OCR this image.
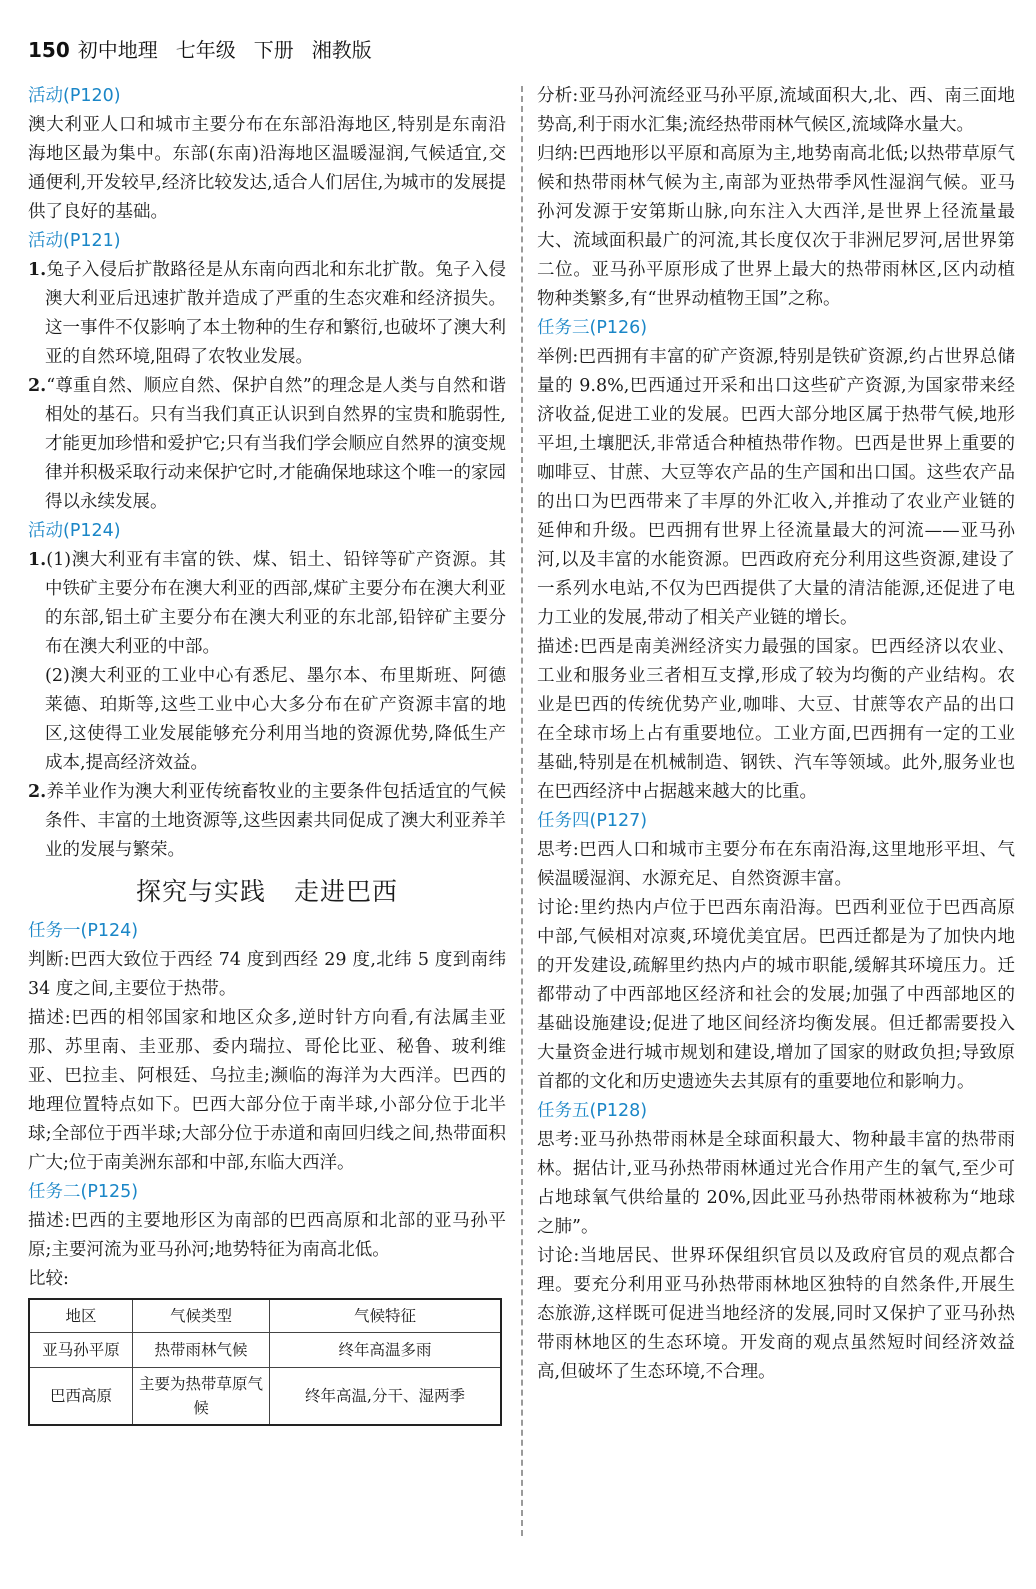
150 初中地理 七年级 下册 湘教版
活动(P120)

澳大利亚人口和城市主要分布在东部沿海地区,特别是东南沿海地区最为集中。东部(东南)沿海地区温暖湿润,气候适宜,交通便利,开发较早,经济比较发达,适合人们居住,为城市的发展提供了良好的基础。

活动(P121)

1.兔子入侵后扩散路径是从东南向西北和东北扩散。兔子入侵澳大利亚后迅速扩散并造成了严重的生态灾难和经济损失。这一事件不仅影响了本土物种的生存和繁衍,也破坏了澳大利亚的自然环境,阻碍了农牧业发展。

2.“尊重自然、顺应自然、保护自然”的理念是人类与自然和谐相处的基石。只有当我们真正认识到自然界的宝贵和脆弱性,才能更加珍惜和爱护它;只有当我们学会顺应自然界的演变规律并积极采取行动来保护它时,才能确保地球这个唯一的家园得以永续发展。

活动(P124)

1.(1)澳大利亚有丰富的铁、煤、铝土、铅锌等矿产资源。其中铁矿主要分布在澳大利亚的西部,煤矿主要分布在澳大利亚的东部,铝土矿主要分布在澳大利亚的东北部,铅锌矿主要分布在澳大利亚的中部。

(2)澳大利亚的工业中心有悉尼、墨尔本、布里斯班、阿德莱德、珀斯等,这些工业中心大多分布在矿产资源丰富的地区,这使得工业发展能够充分利用当地的资源优势,降低生产成本,提高经济效益。

2.养羊业作为澳大利亚传统畜牧业的主要条件包括适宜的气候条件、丰富的土地资源等,这些因素共同促成了澳大利亚养羊业的发展与繁荣。

探究与实践 走进巴西
任务一(P124)

判断:巴西大致位于西经 74 度到西经 29 度,北纬 5 度到南纬 34 度之间,主要位于热带。

描述:巴西的相邻国家和地区众多,逆时针方向看,有法属圭亚那、苏里南、圭亚那、委内瑞拉、哥伦比亚、秘鲁、玻利维亚、巴拉圭、阿根廷、乌拉圭;濒临的海洋为大西洋。巴西的地理位置特点如下。巴西大部分位于南半球,小部分位于北半球;全部位于西半球;大部分位于赤道和南回归线之间,热带面积广大;位于南美洲东部和中部,东临大西洋。

任务二(P125)

描述:巴西的主要地形区为南部的巴西高原和北部的亚马孙平原;主要河流为亚马孙河;地势特征为南高北低。

比较:

地区	气候类型	气候特征
亚马孙平原	热带雨林气候	终年高温多雨
巴西高原	主要为热带草原气候	终年高温,分干、湿两季

分析:亚马孙河流经亚马孙平原,流域面积大,北、西、南三面地势高,利于雨水汇集;流经热带雨林气候区,流域降水量大。

归纳:巴西地形以平原和高原为主,地势南高北低;以热带草原气候和热带雨林气候为主,南部为亚热带季风性湿润气候。亚马孙河发源于安第斯山脉,向东注入大西洋,是世界上径流量最大、流域面积最广的河流,其长度仅次于非洲尼罗河,居世界第二位。亚马孙平原形成了世界上最大的热带雨林区,区内动植物种类繁多,有“世界动植物王国”之称。

任务三(P126)

举例:巴西拥有丰富的矿产资源,特别是铁矿资源,约占世界总储量的 9.8%,巴西通过开采和出口这些矿产资源,为国家带来经济收益,促进工业的发展。巴西大部分地区属于热带气候,地形平坦,土壤肥沃,非常适合种植热带作物。巴西是世界上重要的咖啡豆、甘蔗、大豆等农产品的生产国和出口国。这些农产品的出口为巴西带来了丰厚的外汇收入,并推动了农业产业链的延伸和升级。巴西拥有世界上径流量最大的河流——亚马孙河,以及丰富的水能资源。巴西政府充分利用这些资源,建设了一系列水电站,不仅为巴西提供了大量的清洁能源,还促进了电力工业的发展,带动了相关产业链的增长。

描述:巴西是南美洲经济实力最强的国家。巴西经济以农业、工业和服务业三者相互支撑,形成了较为均衡的产业结构。农业是巴西的传统优势产业,咖啡、大豆、甘蔗等农产品的出口在全球市场上占有重要地位。工业方面,巴西拥有一定的工业基础,特别是在机械制造、钢铁、汽车等领域。此外,服务业也在巴西经济中占据越来越大的比重。

任务四(P127)

思考:巴西人口和城市主要分布在东南沿海,这里地形平坦、气候温暖湿润、水源充足、自然资源丰富。

讨论:里约热内卢位于巴西东南沿海。巴西利亚位于巴西高原中部,气候相对凉爽,环境优美宜居。巴西迁都是为了加快内地的开发建设,疏解里约热内卢的城市职能,缓解其环境压力。迁都带动了中西部地区经济和社会的发展;加强了中西部地区的基础设施建设;促进了地区间经济均衡发展。但迁都需要投入大量资金进行城市规划和建设,增加了国家的财政负担;导致原首都的文化和历史遗迹失去其原有的重要地位和影响力。

任务五(P128)

思考:亚马孙热带雨林是全球面积最大、物种最丰富的热带雨林。据估计,亚马孙热带雨林通过光合作用产生的氧气,至少可占地球氧气供给量的 20%,因此亚马孙热带雨林被称为“地球之肺”。

讨论:当地居民、世界环保组织官员以及政府官员的观点都合理。要充分利用亚马孙热带雨林地区独特的自然条件,开展生态旅游,这样既可促进当地经济的发展,同时又保护了亚马孙热带雨林地区的生态环境。开发商的观点虽然短时间经济效益高,但破坏了生态环境,不合理。
